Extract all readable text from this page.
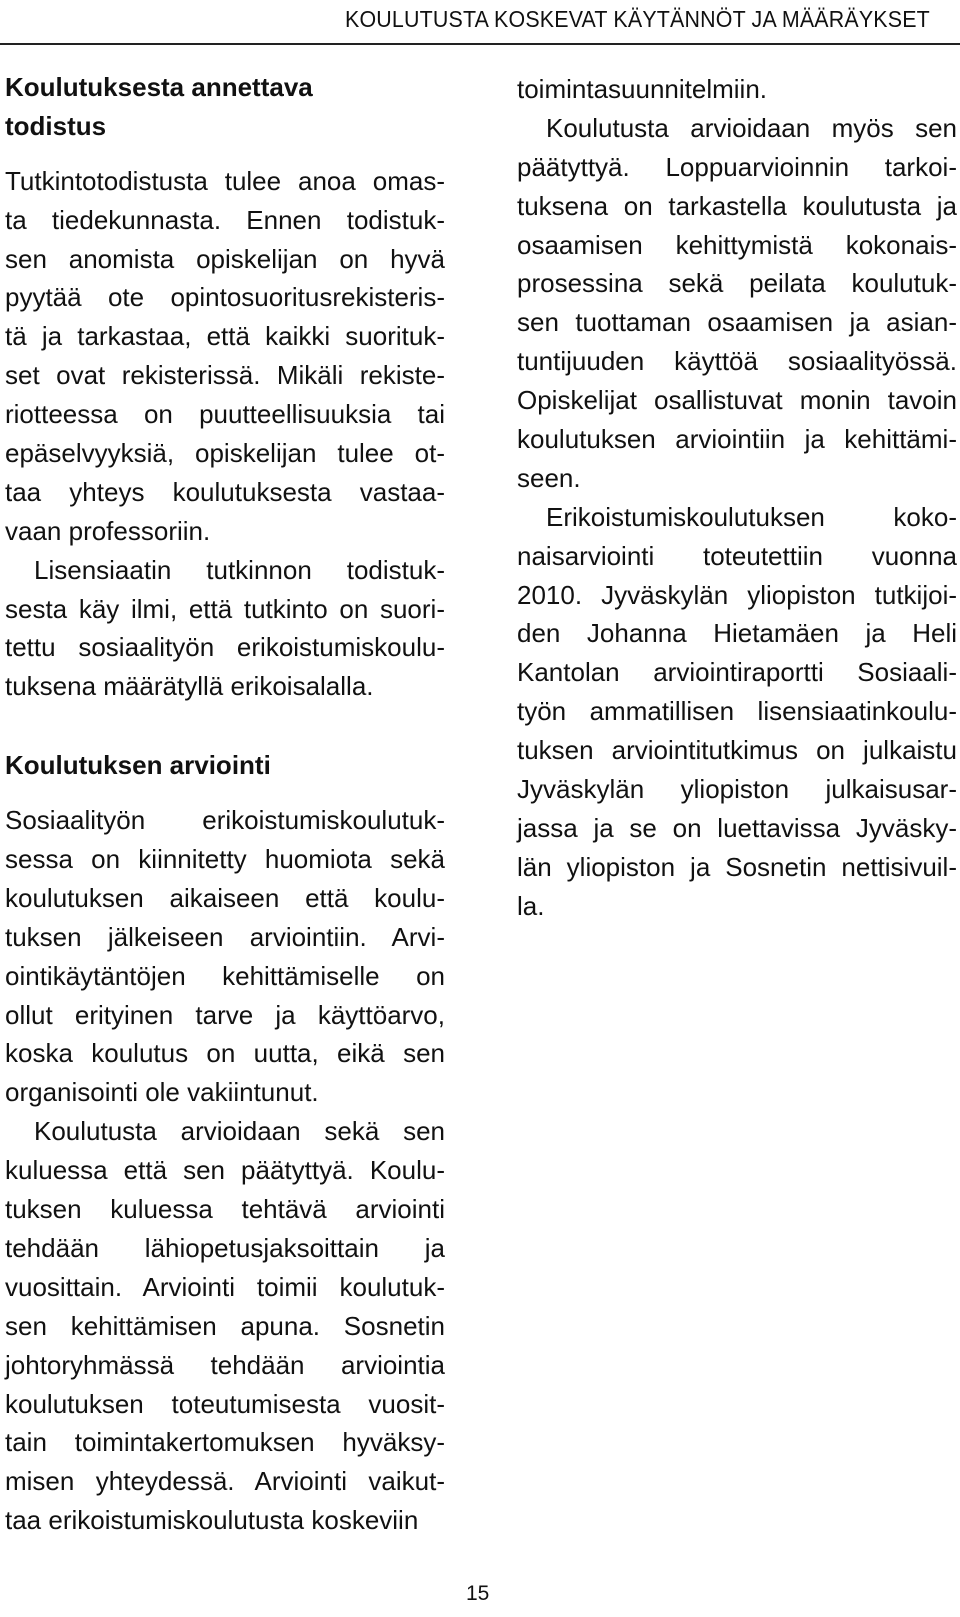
KOULUTUSTA KOSKEVAT KÄYTÄNNÖT JA MÄÄRÄYKSET
Koulutuksesta annettava
todistus
Tutkintotodistusta tulee anoa omas-
ta tiedekunnasta. Ennen todistuk-
sen anomista opiskelijan on hyvä
pyytää ote opintosuoritusrekisteris-
tä ja tarkastaa, että kaikki suorituk-
set ovat rekisterissä. Mikäli rekiste-
riotteessa on puutteellisuuksia tai
epäselvyyksiä, opiskelijan tulee ot-
taa yhteys koulutuksesta vastaa-
vaan professoriin.
Lisensiaatin tutkinnon todistuk-
sesta käy ilmi, että tutkinto on suori-
tettu sosiaalityön erikoistumiskoulu-
tuksena määrätyllä erikoisalalla.
Koulutuksen arviointi
Sosiaalityön erikoistumiskoulutuk-
sessa on kiinnitetty huomiota sekä
koulutuksen aikaiseen että koulu-
tuksen jälkeiseen arviointiin. Arvi-
ointikäytäntöjen kehittämiselle on
ollut erityinen tarve ja käyttöarvo,
koska koulutus on uutta, eikä sen
organisointi ole vakiintunut.
Koulutusta arvioidaan sekä sen
kuluessa että sen päätyttyä. Koulu-
tuksen kuluessa tehtävä arviointi
tehdään lähiopetusjaksoittain ja
vuosittain. Arviointi toimii koulutuk-
sen kehittämisen apuna. Sosnetin
johtoryhmässä tehdään arviointia
koulutuksen toteutumisesta vuosit-
tain toimintakertomuksen hyväksy-
misen yhteydessä. Arviointi vaikut-
taa erikoistumiskoulutusta koskeviin
toimintasuunnitelmiin.
Koulutusta arvioidaan myös sen
päätyttyä. Loppuarvioinnin tarkoi-
tuksena on tarkastella koulutusta ja
osaamisen kehittymistä kokonais-
prosessina sekä peilata koulutuk-
sen tuottaman osaamisen ja asian-
tuntijuuden käyttöä sosiaalityössä.
Opiskelijat osallistuvat monin tavoin
koulutuksen arviointiin ja kehittämi-
seen.
Erikoistumiskoulutuksen koko-
naisarviointi toteutettiin vuonna
2010. Jyväskylän yliopiston tutkijoi-
den Johanna Hietamäen ja Heli
Kantolan arviointiraportti Sosiaali-
työn ammatillisen lisensiaatinkoulu-
tuksen arviointitutkimus on julkaistu
Jyväskylän yliopiston julkaisusar-
jassa ja se on luettavissa Jyväsky-
län yliopiston ja Sosnetin nettisivuil-
la.
15
